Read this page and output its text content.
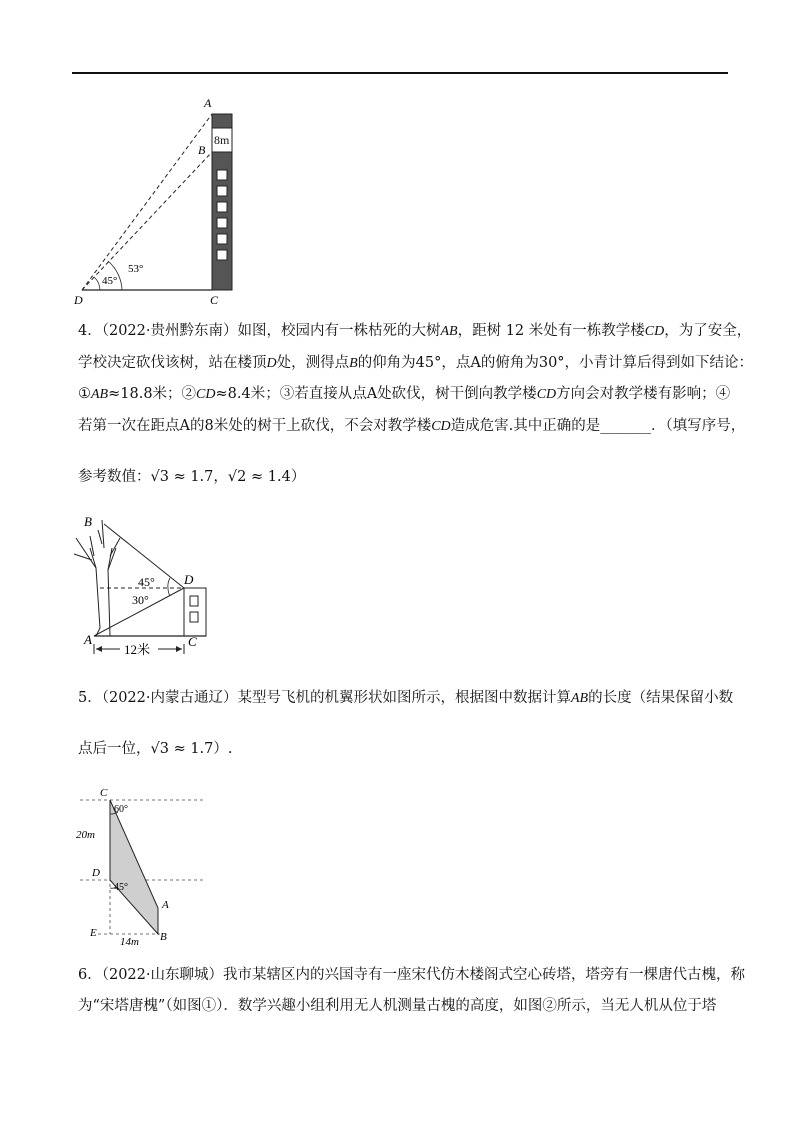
A
B
C
D
8m
45°
53°
4．（2022·贵州黔东南）如图，校园内有一株枯死的大树AB，距树 12 米处有一栋教学楼CD，为了安全，
学校决定砍伐该树，站在楼顶D处，测得点B的仰角为45°，点A的俯角为30°，小青计算后得到如下结论：
①AB≈18.8米；②CD≈8.4米；③若直接从点A处砍伐，树干倒向教学楼CD方向会对教学楼有影响；④
若第一次在距点A的8米处的树干上砍伐，不会对教学楼CD造成危害.其中正确的是_______．（填写序号，
参考数值：√3 ≈ 1.7，√2 ≈ 1.4）
B
D
A	C
45°
30°
12米
5．（2022·内蒙古通辽）某型号飞机的机翼形状如图所示，根据图中数据计算AB的长度（结果保留小数
点后一位，√3 ≈ 1.7）.
C
D
E
A
B
60°
45°
20m
14m
6．（2022·山东聊城）我市某辖区内的兴国寺有一座宋代仿木楼阁式空心砖塔，塔旁有一棵唐代古槐，称
为“宋塔唐槐”（如图①）．数学兴趣小组利用无人机测量古槐的高度，如图②所示，当无人机从位于塔
